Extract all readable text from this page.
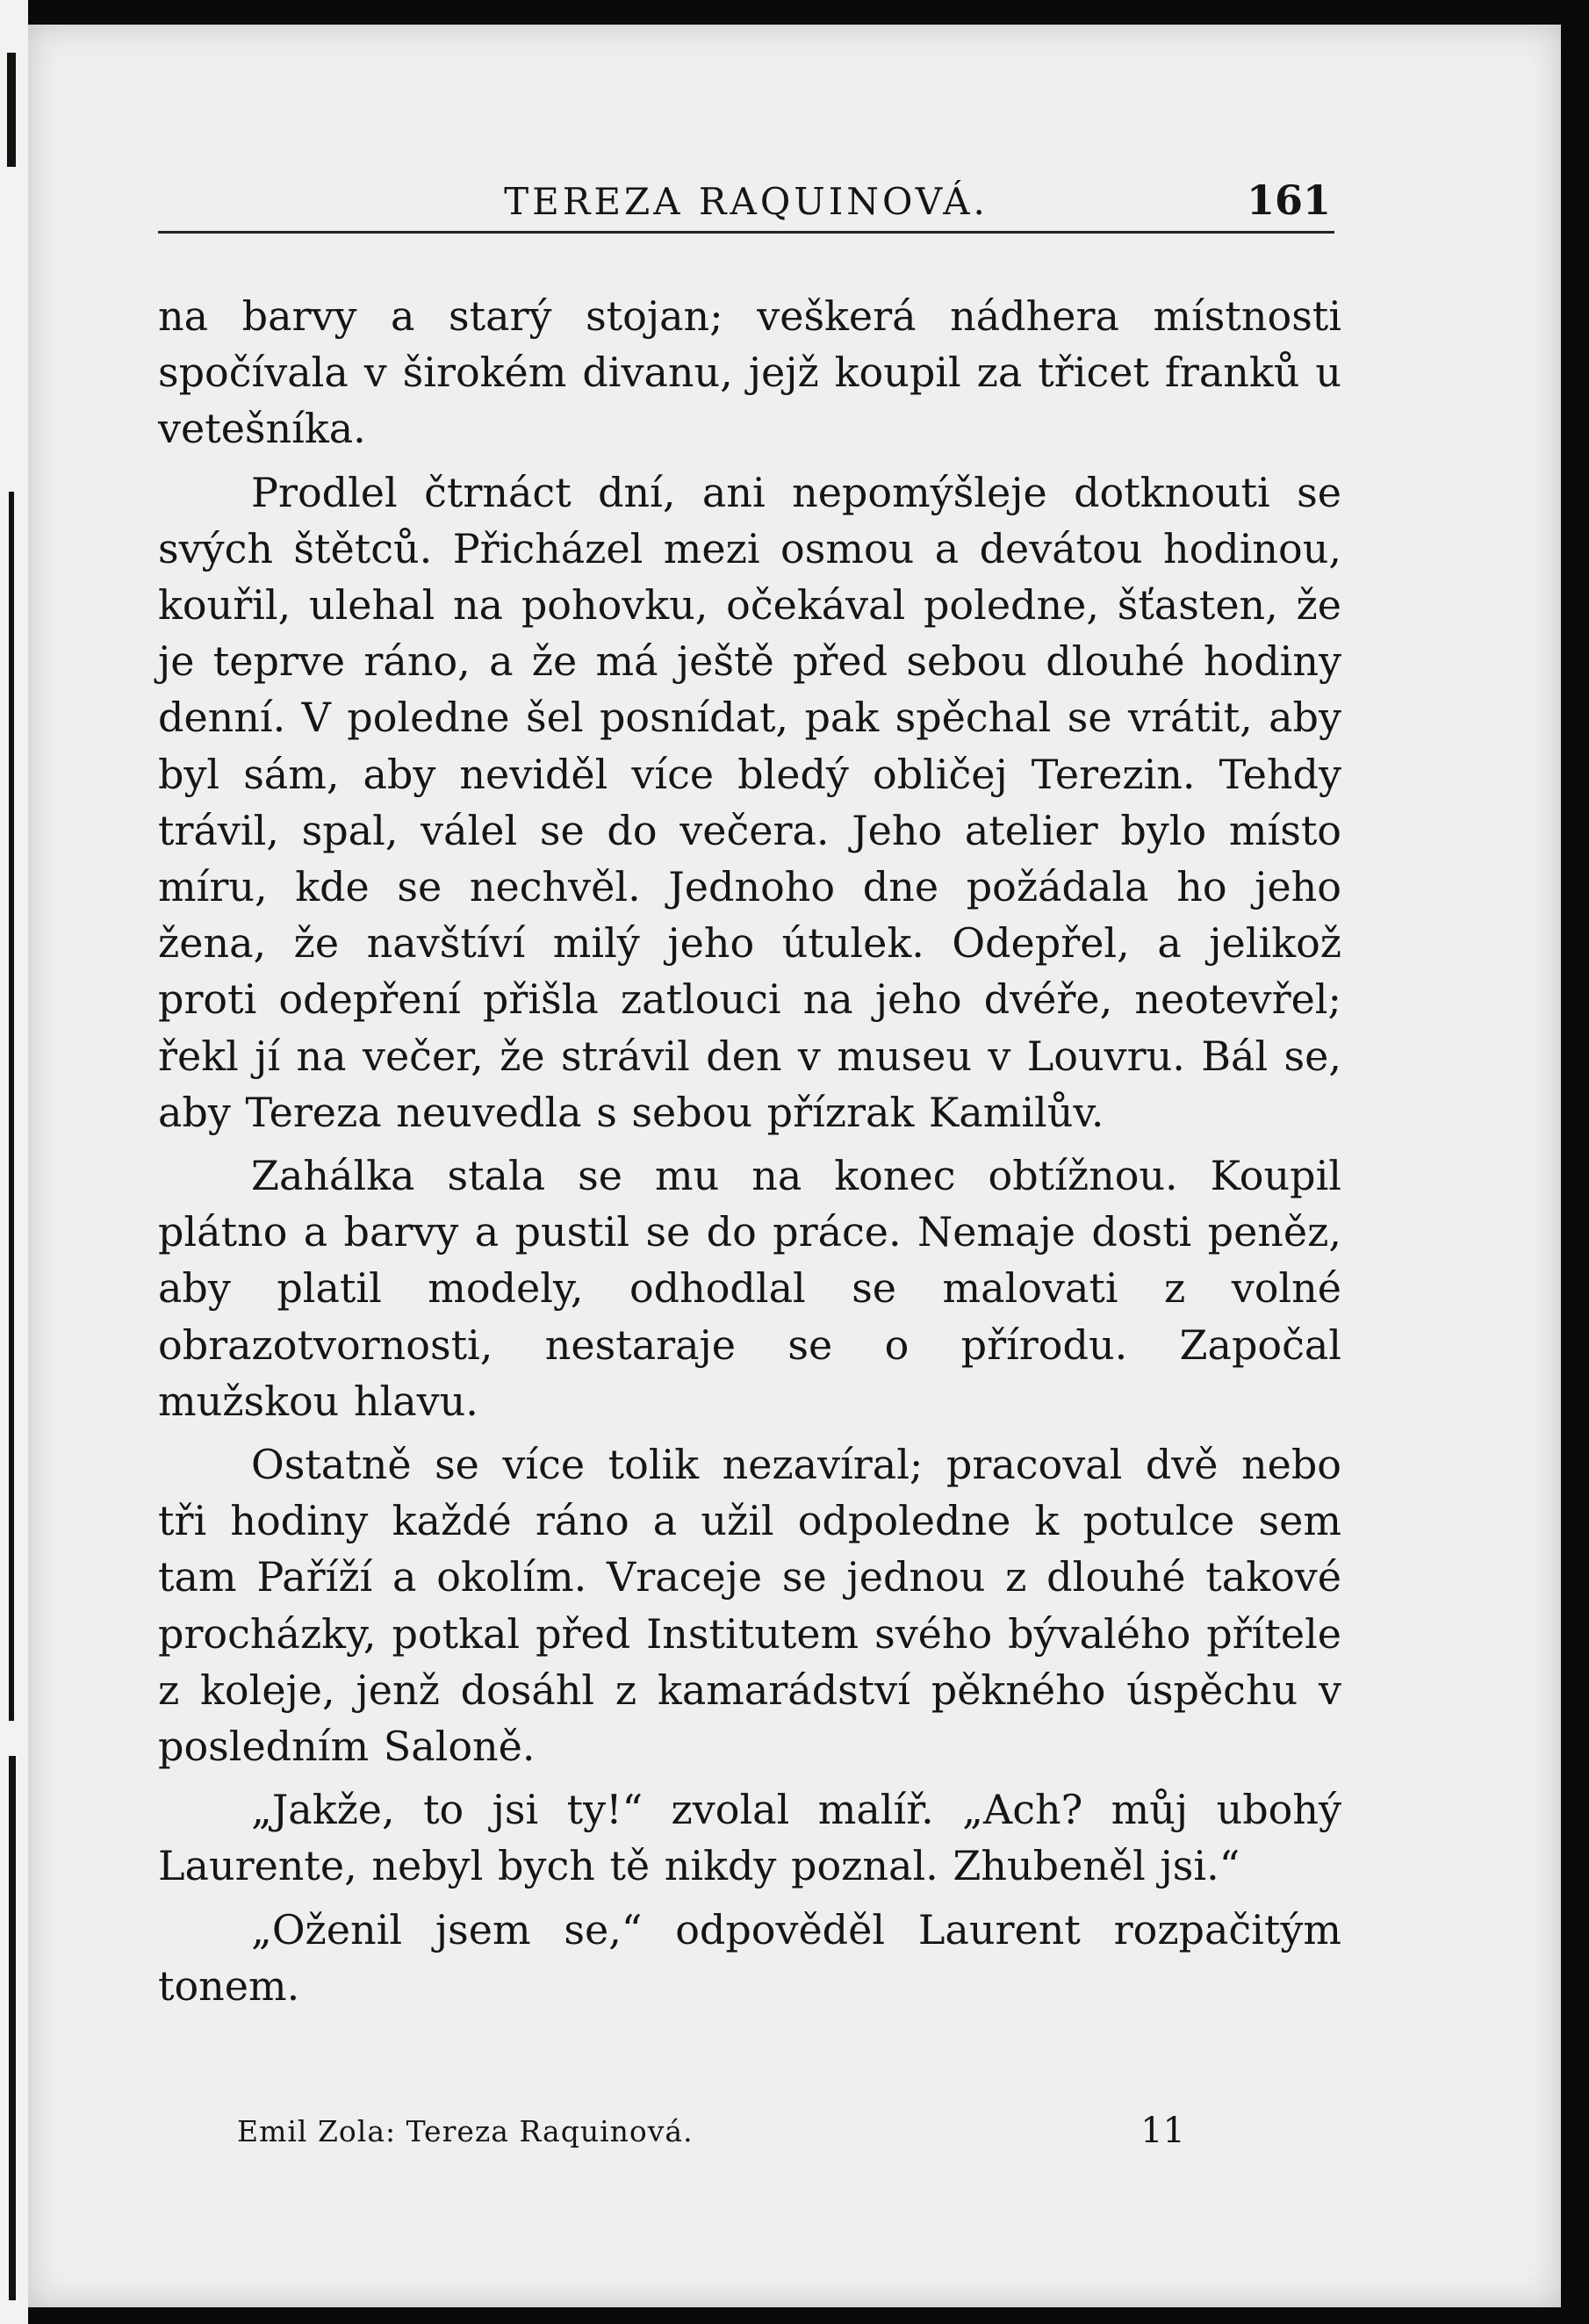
TEREZA RAQUINOVÁ.	161

na barvy a starý stojan; veškerá nádhera místnosti spočívala v širokém divanu, jejž koupil za třicet franků u vetešníka.

Prodlel čtrnáct dní, ani nepomýšleje dotknouti se svých štětců. Přicházel mezi osmou a devátou hodinou, kouřil, ulehal na pohovku, očekával poledne, šťasten, že je teprve ráno, a že má ještě před sebou dlouhé hodiny denní. V poledne šel posnídat, pak spěchal se vrátit, aby byl sám, aby neviděl více bledý obličej Terezin. Tehdy trávil, spal, válel se do večera. Jeho atelier bylo místo míru, kde se nechvěl. Jednoho dne požádala ho jeho žena, že navštíví milý jeho útulek. Odepřel, a jelikož proti odepření přišla zatlouci na jeho dvéře, neotevřel; řekl jí na večer, že strávil den v museu v Louvru. Bál se, aby Tereza neuvedla s sebou přízrak Kamilův.

Zahálka stala se mu na konec obtížnou. Koupil plátno a barvy a pustil se do práce. Nemaje dosti peněz, aby platil modely, odhodlal se malovati z volné obrazotvornosti, nestaraje se o přírodu. Započal mužskou hlavu.

Ostatně se více tolik nezavíral; pracoval dvě nebo tři hodiny každé ráno a užil odpoledne k potulce sem tam Paříží a okolím. Vraceje se jednou z dlouhé takové procházky, potkal před Institutem svého bývalého přítele z koleje, jenž dosáhl z kamarádství pěkného úspěchu v posledním Saloně.

„Jakže, to jsi ty!“ zvolal malíř. „Ach? můj ubohý Laurente, nebyl bych tě nikdy poznal. Zhubeněl jsi.“

„Oženil jsem se,“ odpověděl Laurent rozpačitým tonem.

Emil Zola: Tereza Raquinová.	11
